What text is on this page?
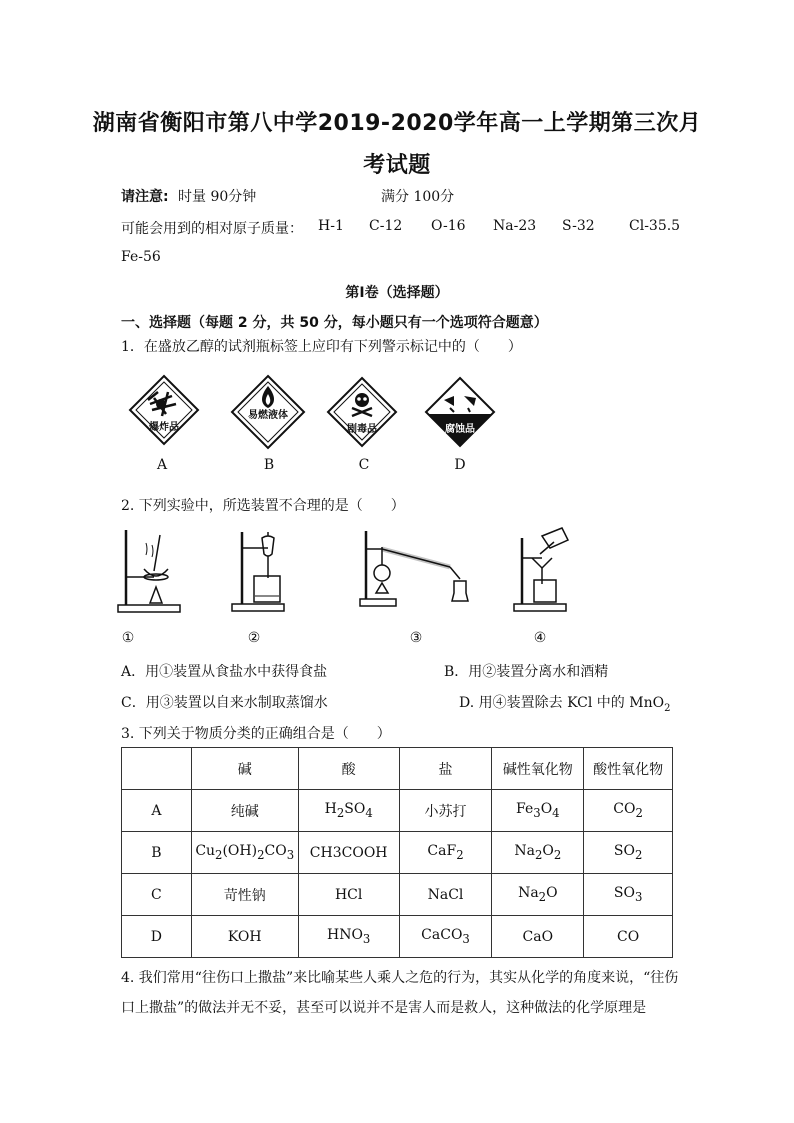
湖南省衡阳市第八中学2019-2020学年高一上学期第三次月
考试题
请注意: 时量 90分钟	满分 100分
可能会用到的相对原子质量： H-1 C-12 O-16 Na-23 S-32 Cl-35.5
Fe-56
第Ⅰ卷（选择题）
一、选择题（每题 2 分，共 50 分，每小题只有一个选项符合题意）
1．在盛放乙醇的试剂瓶标签上应印有下列警示标记中的（　　）
爆炸品
易燃液体
剧毒品	腐蚀品
A	B	C	D
2. 下列实验中，所选装置不合理的是（　　）
①	②	③	④
A．用①装置从食盐水中获得食盐	B．用②装置分离水和酒精
C．用③装置以自来水制取蒸馏水	D. 用④装置除去 KCl 中的 MnO$_2$
3. 下列关于物质分类的正确组合是（　　）
	碱	酸	盐	碱性氧化物	酸性氧化物
A	纯碱	$H_2SO_4$	小苏打	$Fe_3O_4$	$CO_2$
B	$Cu_2(OH)_2CO_3$	CH3COOH	CaF$_2$	$Na_2O_2$	$SO_2$
C	苛性钠	HCl	NaCl	$Na_2O$	$SO_3$
D	KOH	$HNO_3$	CaCO$_3$	CaO	CO
4. 我们常用“往伤口上撒盐”来比喻某些人乘人之危的行为，其实从化学的角度来说，“往伤
口上撒盐”的做法并无不妥，甚至可以说并不是害人而是救人，这种做法的化学原理是
